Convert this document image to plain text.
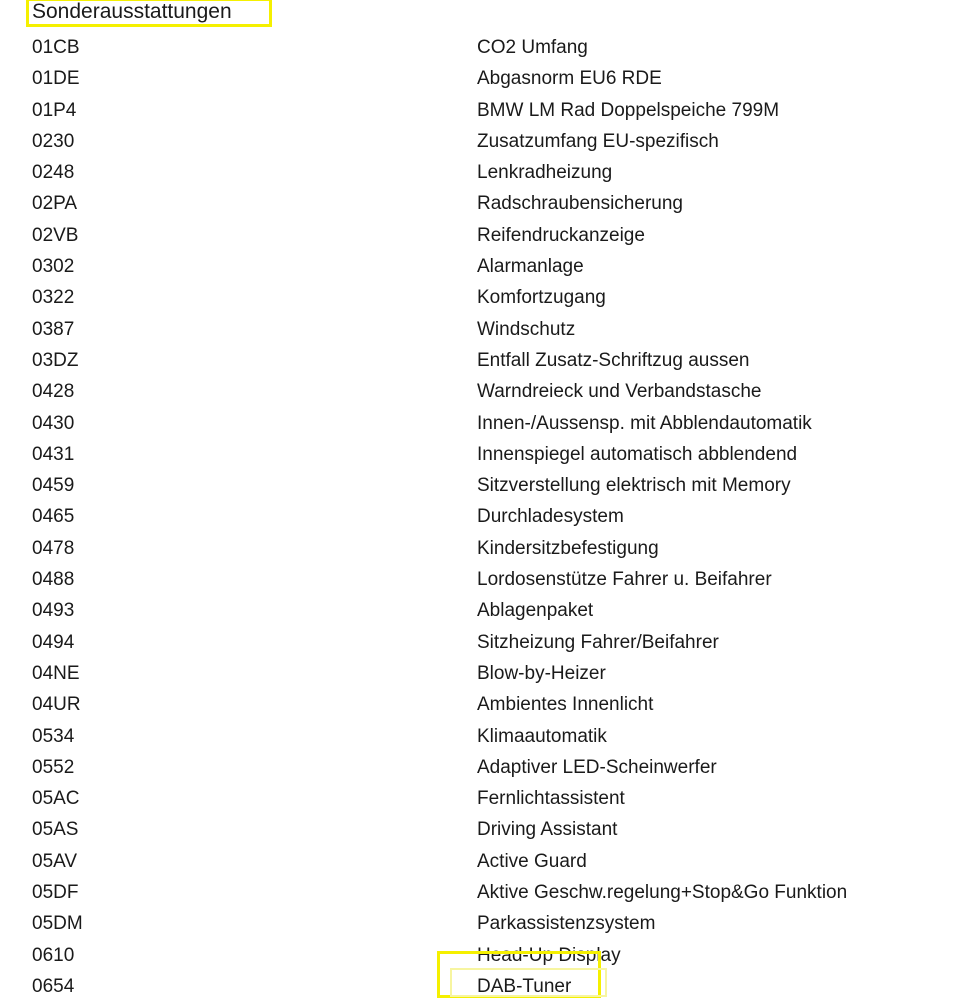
Sonderausstattungen
01CB	CO2 Umfang
01DE	Abgasnorm EU6 RDE
01P4	BMW LM Rad Doppelspeiche 799M
0230	Zusatzumfang EU-spezifisch
0248	Lenkradheizung
02PA	Radschraubensicherung
02VB	Reifendruckanzeige
0302	Alarmanlage
0322	Komfortzugang
0387	Windschutz
03DZ	Entfall Zusatz-Schriftzug aussen
0428	Warndreieck und Verbandstasche
0430	Innen-/Aussensp. mit Abblendautomatik
0431	Innenspiegel automatisch abblendend
0459	Sitzverstellung elektrisch mit Memory
0465	Durchladesystem
0478	Kindersitzbefestigung
0488	Lordosenstütze Fahrer u. Beifahrer
0493	Ablagenpaket
0494	Sitzheizung Fahrer/Beifahrer
04NE	Blow-by-Heizer
04UR	Ambientes Innenlicht
0534	Klimaautomatik
0552	Adaptiver LED-Scheinwerfer
05AC	Fernlichtassistent
05AS	Driving Assistant
05AV	Active Guard
05DF	Aktive Geschw.regelung+Stop&Go Funktion
05DM	Parkassistenzsystem
0610	Head-Up Display
0654	DAB-Tuner
